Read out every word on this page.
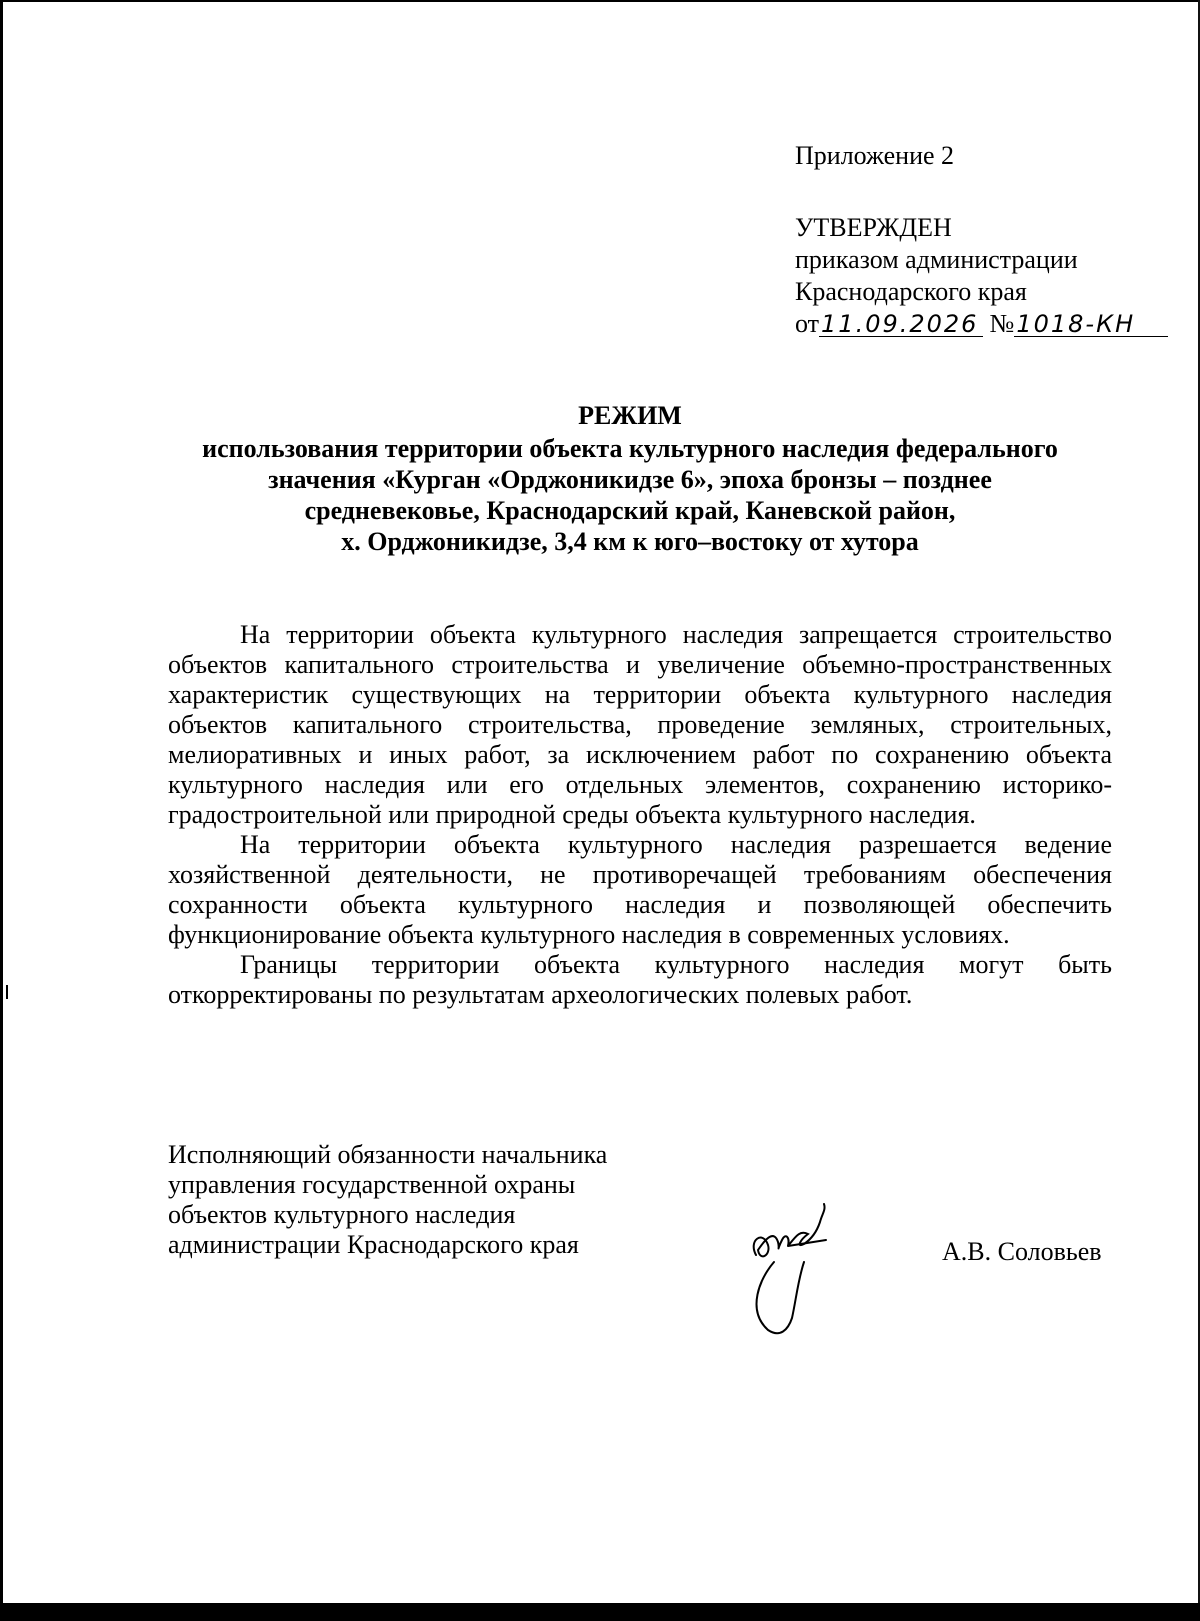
Приложение 2
УТВЕРЖДЕН
приказом администрации
Краснодарского края
от11.09.2026 №1018-КН
РЕЖИМ
использования территории объекта культурного наследия федерального
значения «Курган «Орджоникидзе 6», эпоха бронзы – позднее
средневековье, Краснодарский край, Каневской район,
х. Орджоникидзе, 3,4 км к юго–востоку от хутора

На территории объекта культурного наследия запрещается строительство объектов капитального строительства и увеличение объемно-пространственных характеристик существующих на территории объекта культурного наследия объектов капитального строительства, проведение земляных, строительных, мелиоративных и иных работ, за исключением работ по сохранению объекта культурного наследия или его отдельных элементов, сохранению историко-градостроительной или природной среды объекта культурного наследия.

На территории объекта культурного наследия разрешается ведение хозяйственной деятельности, не противоречащей требованиям обеспечения сохранности объекта культурного наследия и позволяющей обеспечить функционирование объекта культурного наследия в современных условиях.

Границы территории объекта культурного наследия могут быть откорректированы по результатам археологических полевых работ.

Исполняющий обязанности начальника
управления государственной охраны
объектов культурного наследия
администрации Краснодарского края	А.В. Соловьев
